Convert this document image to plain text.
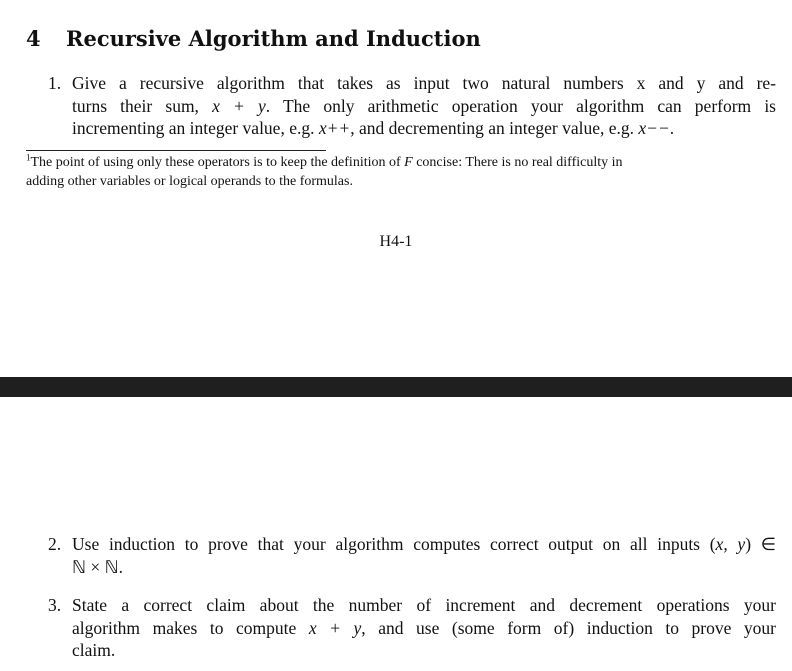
4 Recursive Algorithm and Induction
1. Give a recursive algorithm that takes as input two natural numbers x and y and re-
turns their sum, x + y. The only arithmetic operation your algorithm can perform is
incrementing an integer value, e.g. x++, and decrementing an integer value, e.g. x−−.
$^1$The point of using only these operators is to keep the definition of F concise: There is no real difficulty in
adding other variables or logical operands to the formulas.
H4-1
2. Use induction to prove that your algorithm computes correct output on all inputs (x, y) ∈
ℕ × ℕ.
3. State a correct claim about the number of increment and decrement operations your
algorithm makes to compute x + y, and use (some form of) induction to prove your
claim.
